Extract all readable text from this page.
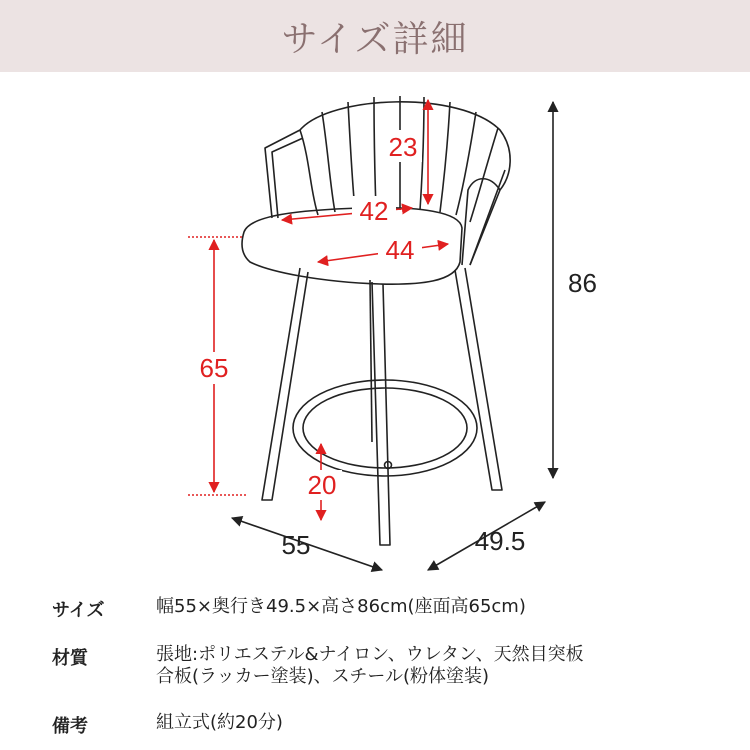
サイズ詳細
23
42
44
65
20
86
55	49.5
サイズ	幅55×奥行き49.5×高さ86cm(座面高65cm)
材質	張地:ポリエステル&ナイロン、ウレタン、天然目突板
合板(ラッカー塗装)、スチール(粉体塗装)
備考	組立式(約20分)
